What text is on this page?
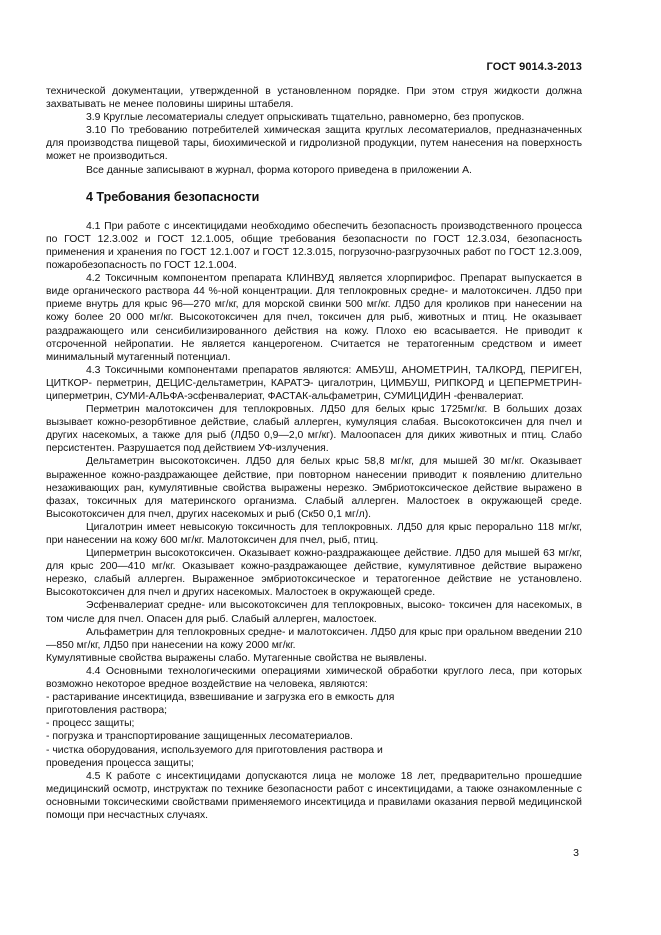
ГОСТ 9014.3-2013

технической документации, утвержденной в установленном порядке. При этом струя жидкости должна захватывать не менее половины ширины штабеля.

3.9 Круглые лесоматериалы следует опрыскивать тщательно, равномерно, без пропусков.

3.10 По требованию потребителей химическая защита круглых лесоматериалов, предназначенных для производства пищевой тары, биохимической и гидролизной продукции, путем нанесения на поверхность может не производиться.

Все данные записывают в журнал, форма которого приведена в приложении А.

4 Требования безопасности

4.1 При работе с инсектицидами необходимо обеспечить безопасность производственного процесса по ГОСТ 12.3.002 и ГОСТ 12.1.005, общие требования безопасности по ГОСТ 12.3.034, безопасность применения и хранения по ГОСТ 12.1.007 и ГОСТ 12.3.015, погрузочно-разгрузочных работ по ГОСТ 12.3.009, пожаробезопасность по ГОСТ 12.1.004.

4.2 Токсичным компонентом препарата КЛИНВУД является хлорпирифос. Препарат выпускается в виде органического раствора 44 %-ной концентрации. Для теплокровных средне- и малотоксичен. ЛД50 при приеме внутрь для крыс 96—270 мг/кг, для морской свинки 500 мг/кг. ЛД50 для кроликов при нанесении на кожу более 20 000 мг/кг. Высокотоксичен для пчел, токсичен для рыб, животных и птиц. Не оказывает раздражающего или сенсибилизированного действия на кожу. Плохо ею всасывается. Не приводит к отсроченной нейропатии. Не является канцерогеном. Считается не тератогенным средством и имеет минимальный мутагенный потенциал.

4.3 Токсичными компонентами препаратов являются: АМБУШ, АНОМЕТРИН, ТАЛКОРД, ПЕРИГЕН, ЦИТКОР- перметрин, ДЕЦИС-дельтаметрин, КАРАТЭ- цигалотрин, ЦИМБУШ, РИПКОРД и ЦЕПЕРМЕТРИН-циперметрин, СУМИ-АЛЬФА-эсфенвалериат, ФАСТАК-альфаметрин, СУМИЦИДИН -фенвалериат.

Перметрин малотоксичен для теплокровных. ЛД50 для белых крыс 1725мг/кг. В больших дозах вызывает кожно-резорбтивное действие, слабый аллерген, кумуляция слабая. Высокотоксичен для пчел и других насекомых, а также для рыб (ЛД50 0,9—2,0 мг/кг). Малоопасен для диких животных и птиц. Слабо персистентен. Разрушается под действием УФ-излучения.

Дельтаметрин высокотоксичен. ЛД50 для белых крыс 58,8 мг/кг, для мышей 30 мг/кг. Оказывает выраженное кожно-раздражающее действие, при повторном нанесении приводит к появлению длительно незаживающих ран, кумулятивные свойства выражены нерезко. Эмбриотоксическое действие выражено в фазах, токсичных для материнского организма. Слабый аллерген. Малостоек в окружающей среде. Высокотоксичен для пчел, других насекомых и рыб (Ск50 0,1 мг/л).

Цигалотрин имеет невысокую токсичность для теплокровных. ЛД50 для крыс перорально 118 мг/кг, при нанесении на кожу 600 мг/кг. Малотоксичен для пчел, рыб, птиц.

Циперметрин высокотоксичен. Оказывает кожно-раздражающее действие. ЛД50 для мышей 63 мг/кг, для крыс 200—410 мг/кг. Оказывает кожно-раздражающее действие, кумулятивное действие выражено нерезко, слабый аллерген. Выраженное эмбриотоксическое и тератогенное действие не установлено. Высокотоксичен для пчел и других насекомых. Малостоек в окружающей среде.

Эсфенвалериат средне- или высокотоксичен для теплокровных, высоко- токсичен для насекомых, в том числе для пчел. Опасен для рыб. Слабый аллерген, малостоек.

Альфаметрин для теплокровных средне- и малотоксичен. ЛД50 для крыс при оральном введении 210—850 мг/кг, ЛД50 при нанесении на кожу 2000 мг/кг.

Кумулятивные свойства выражены слабо. Мутагенные свойства не выявлены.

4.4 Основными технологическими операциями химической обработки круглого леса, при которых возможно некоторое вредное воздействие на человека, являются:

- растаривание инсектицида, взвешивание и загрузка его в емкость для

приготовления раствора;

- процесс защиты;

- погрузка и транспортирование защищенных лесоматериалов.

- чистка оборудования, используемого для приготовления раствора и

проведения процесса защиты;

4.5 К работе с инсектицидами допускаются лица не моложе 18 лет, предварительно прошедшие медицинский осмотр, инструктаж по технике безопасности работ с инсектицидами, а также ознакомленные с основными токсическими свойствами применяемого инсектицида и правилами оказания первой медицинской помощи при несчастных случаях.

3
